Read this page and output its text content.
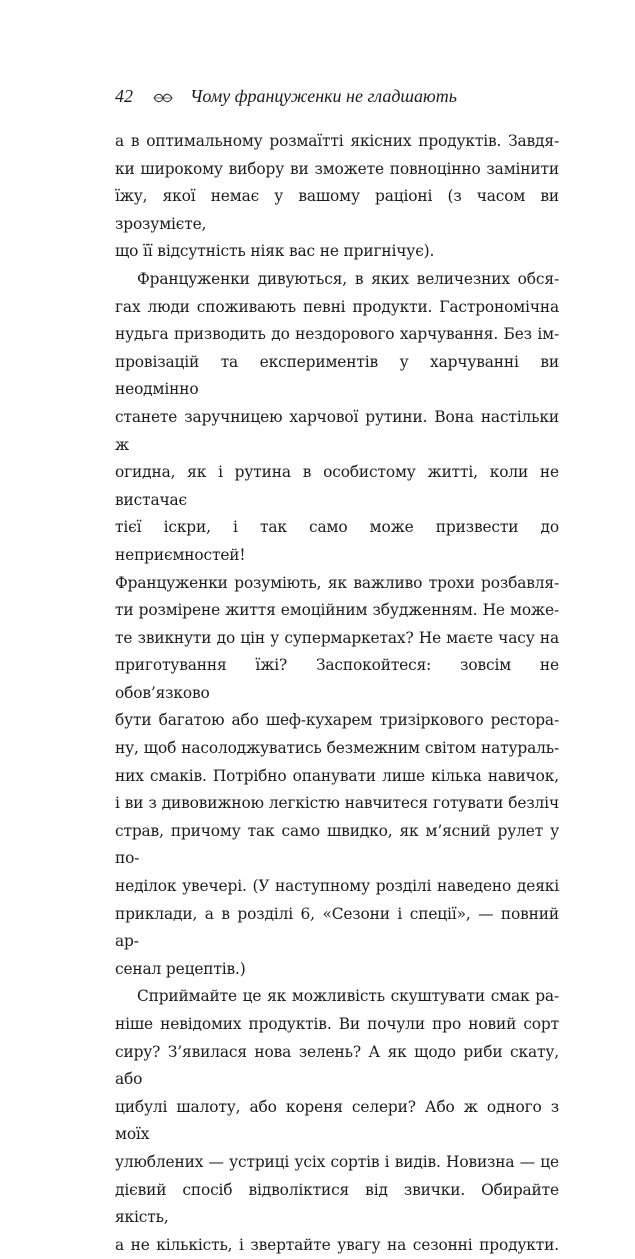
42	Чому француженки не гладшають

а в оптимальному розмаїтті якісних продуктів. Завдя-

ки широкому вибору ви зможете повноцінно замінити

їжу, якої немає у вашому раціоні (з часом ви зрозумієте,

що її відсутність ніяк вас не пригнічує).

Француженки дивуються, в яких величезних обся-

гах люди споживають певні продукти. Гастрономічна

нудьга призводить до нездорового харчування. Без ім-

провізацій та експериментів у харчуванні ви неодмінно

станете заручницею харчової рутини. Вона настільки ж

огидна, як і рутина в особистому житті, коли не вистачає

тієї іскри, і так само може призвести до неприємностей!

Француженки розуміють, як важливо трохи розбавля-

ти розмірене життя емоційним збудженням. Не може-

те звикнути до цін у супермаркетах? Не маєте часу на

приготування їжі? Заспокойтеся: зовсім не обов’язково

бути багатою або шеф-кухарем тризіркового ресторa-

ну, щоб насолоджуватись безмежним світом натураль-

них смаків. Потрібно опанувати лише кілька навичок,

і ви з дивовижною легкістю навчитеся готувати безліч

страв, причому так само швидко, як м’ясний рулет у по-

неділок увечері. (У наступному розділі наведено деякі

приклади, а в розділі 6, «Сезони і спеції», — повний ар-

сенал рецептів.)

Сприймайте це як можливість скуштувати смак ра-

ніше невідомих продуктів. Ви почули про новий сорт

сиру? З’явилася нова зелень? А як щодо риби скату, або

цибулі шалоту, або кореня селери? Або ж одного з моїх

улюблених — устриці усіх сортів і видів. Новизна — це

дієвий спосіб відволіктися від звички. Обирайте якість,

а не кількість, і звертайте увагу на сезонні продукти.
